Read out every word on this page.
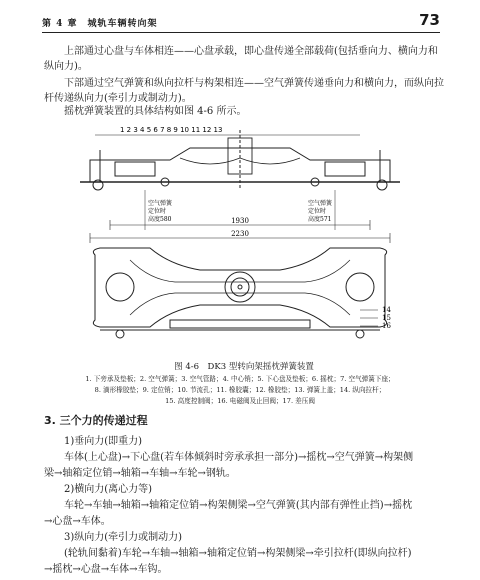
第 4 章　城轨车辆转向架	73
上部通过心盘与车体相连——心盘承载，即心盘传递全部载荷(包括垂向力、横向力和纵向力)。
下部通过空气弹簧和纵向拉杆与构架相连——空气弹簧传递垂向力和横向力，而纵向拉杆传递纵向力(牵引力或制动力)。
摇枕弹簧装置的具体结构如图 4-6 所示。
1 2 3 4 5 6 7 8 9 10 11 12 13
空气弹簧
定位时
高度580
空气弹簧
定位时
高度571
1930
2230
14
15
16
图 4-6　DK3 型转向架摇枕弹簧装置
1. 下旁承及垫板；2. 空气弹簧；3. 空气管路；4. 中心销；5. 下心盘及垫板；6. 摇枕；7. 空气弹簧下座；
8. 滴形橡胶垫；9. 定位销；10. 节流孔；11. 橡胶囊；12. 橡胶垫；13. 弹簧上盖；14. 纵向拉杆；
15. 高度控制阀；16. 电磁阀及止回阀；17. 差压阀
3. 三个力的传递过程
1)垂向力(即重力)
车体(上心盘)→下心盘(若车体倾斜时旁承承担一部分)→摇枕→空气弹簧→构架侧
梁→轴箱定位销→轴箱→车轴→车轮→钢轨。
2)横向力(离心力等)
车轮→车轴→轴箱→轴箱定位销→构架侧梁→空气弹簧(其内部有弹性止挡)→摇枕
→心盘→车体。
3)纵向力(牵引力或制动力)
(轮轨间黏着)车轮→车轴→轴箱→轴箱定位销→构架侧梁→牵引拉杆(即纵向拉杆)
→摇枕→心盘→车体→车钩。
